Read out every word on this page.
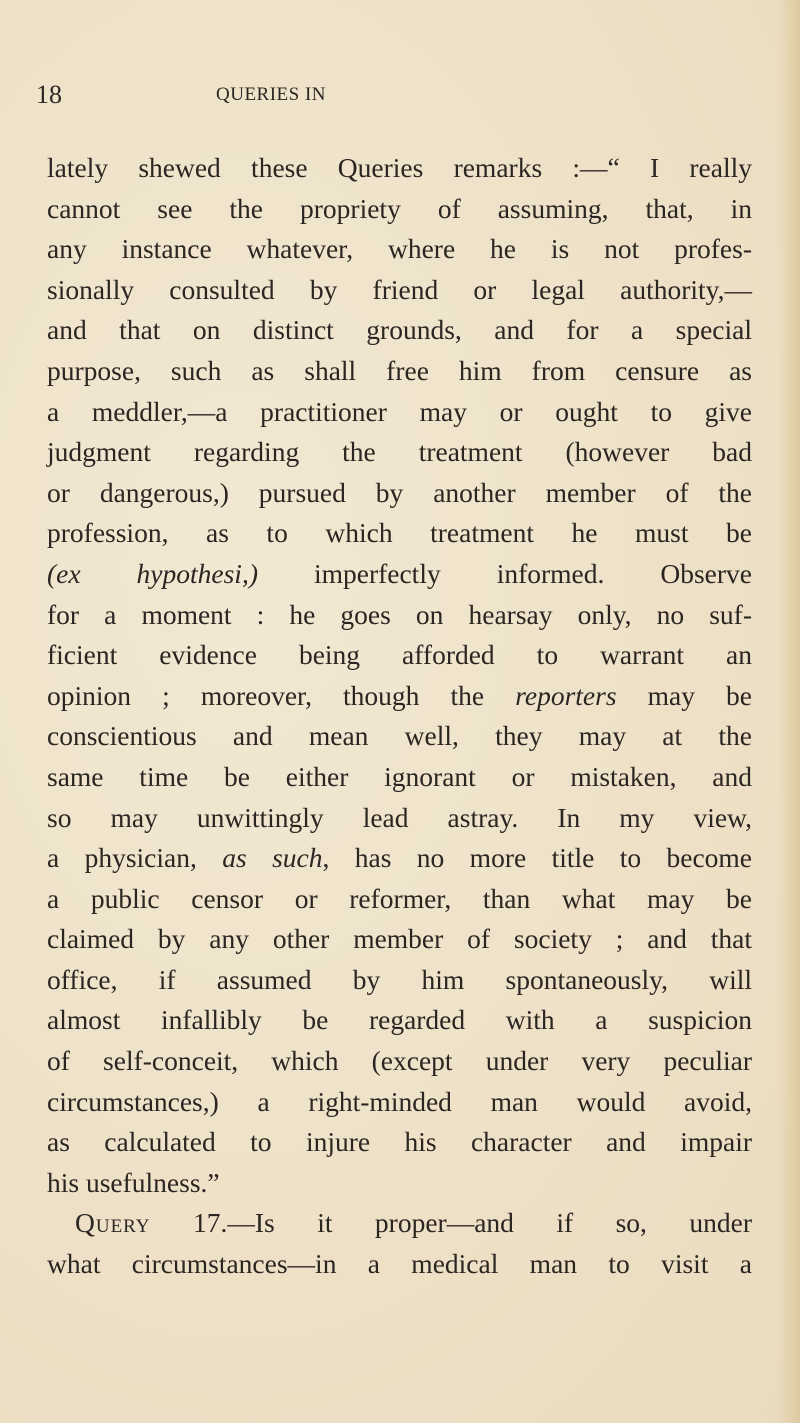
18	QUERIES IN
lately shewed these Queries remarks :—“ I really
cannot see the propriety of assuming, that, in
any instance whatever, where he is not profes-
sionally consulted by friend or legal authority,—
and that on distinct grounds, and for a special
purpose, such as shall free him from censure as
a meddler,—a practitioner may or ought to give
judgment regarding the treatment (however bad
or dangerous,) pursued by another member of the
profession, as to which treatment he must be
(ex hypothesi,) imperfectly informed. Observe
for a moment : he goes on hearsay only, no suf-
ficient evidence being afforded to warrant an
opinion ; moreover, though the reporters may be
conscientious and mean well, they may at the
same time be either ignorant or mistaken, and
so may unwittingly lead astray. In my view,
a physician, as such, has no more title to become
a public censor or reformer, than what may be
claimed by any other member of society ; and that
office, if assumed by him spontaneously, will
almost infallibly be regarded with a suspicion
of self-conceit, which (except under very peculiar
circumstances,) a right-minded man would avoid,
as calculated to injure his character and impair
his usefulness.”
Query 17.—Is it proper—and if so, under
what circumstances—in a medical man to visit a
